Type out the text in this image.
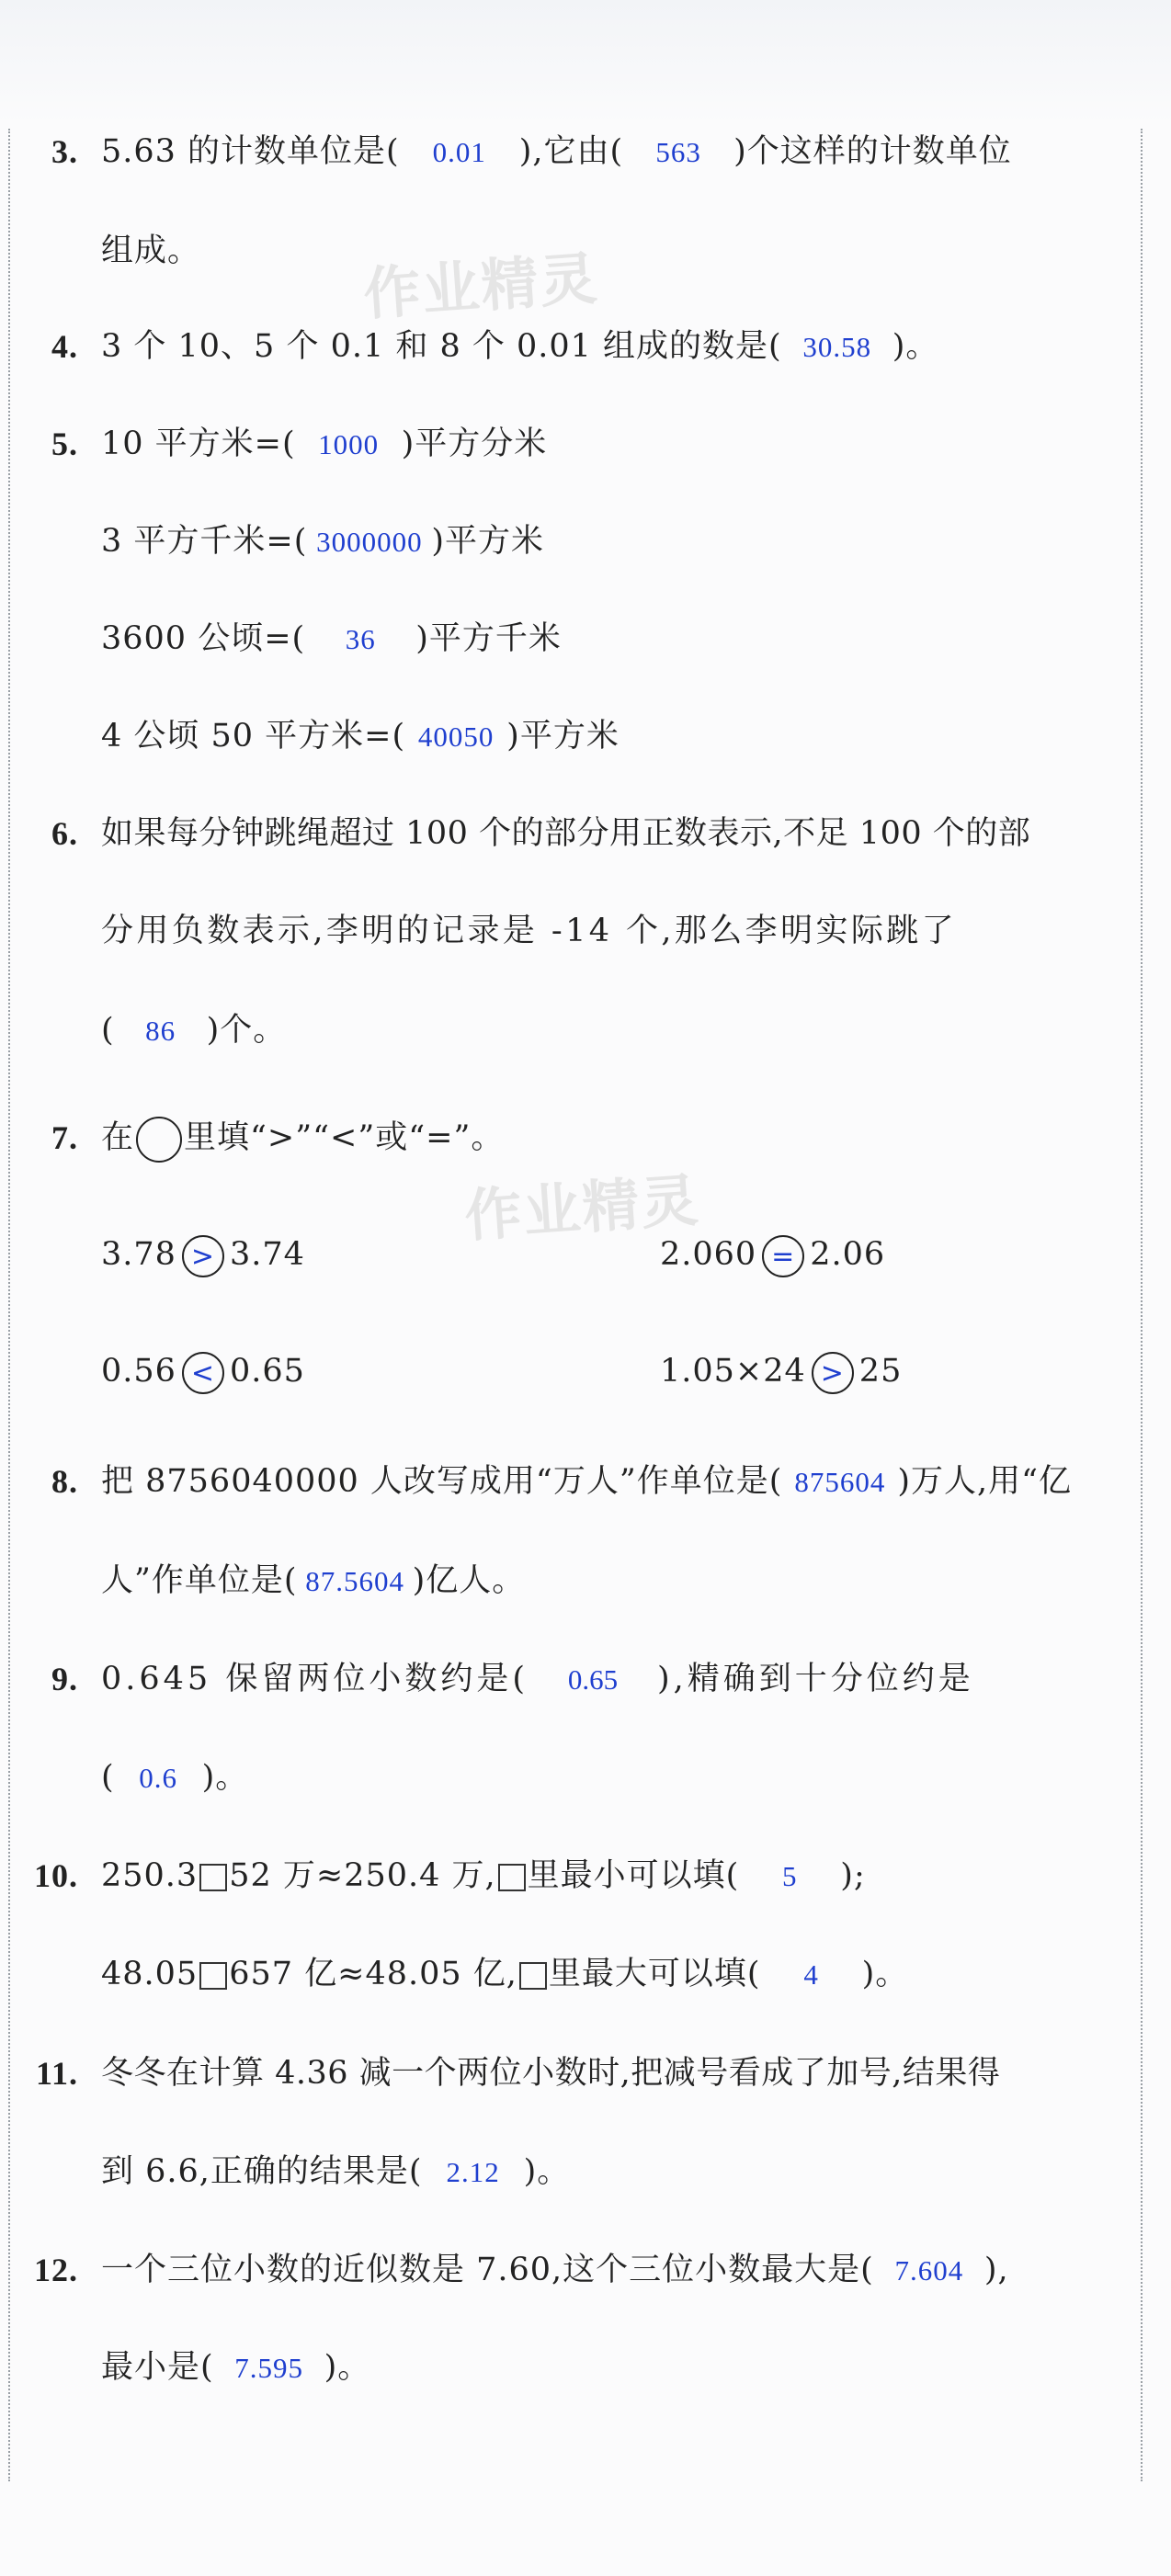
作业精灵
作业精灵
3. 5.63 的计数单位是( 0.01 ),它由( 563 )个这样的计数单位
组成。
4. 3 个 10、5 个 0.1 和 8 个 0.01 组成的数是( 30.58 )。
5. 10 平方米=( 1000 )平方分米
3 平方千米=( 3000000 )平方米
3600 公顷=( 36 )平方千米
4 公顷 50 平方米=( 40050 )平方米
6. 如果每分钟跳绳超过 100 个的部分用正数表示,不足 100 个的部
分用负数表示,李明的记录是 -14 个,那么李明实际跳了
( 86 )个。
7. 在 里填“>”“<”或“=”。
3.78 > 3.74	2.060 = 2.06
0.56 < 0.65	1.05×24 > 25
8. 把 8756040000 人改写成用“万人”作单位是( 875604 )万人,用“亿
人”作单位是( 87.5604 )亿人。
9. 0.645 保留两位小数约是( 0.65 ),精确到十分位约是
( 0.6 )。
10. 250.3 52 万≈250.4 万, 里最小可以填( 5 );
48.05 657 亿≈48.05 亿, 里最大可以填( 4 )。
11. 冬冬在计算 4.36 减一个两位小数时,把减号看成了加号,结果得
到 6.6,正确的结果是( 2.12 )。
12. 一个三位小数的近似数是 7.60,这个三位小数最大是( 7.604 ),
最小是( 7.595 )。
